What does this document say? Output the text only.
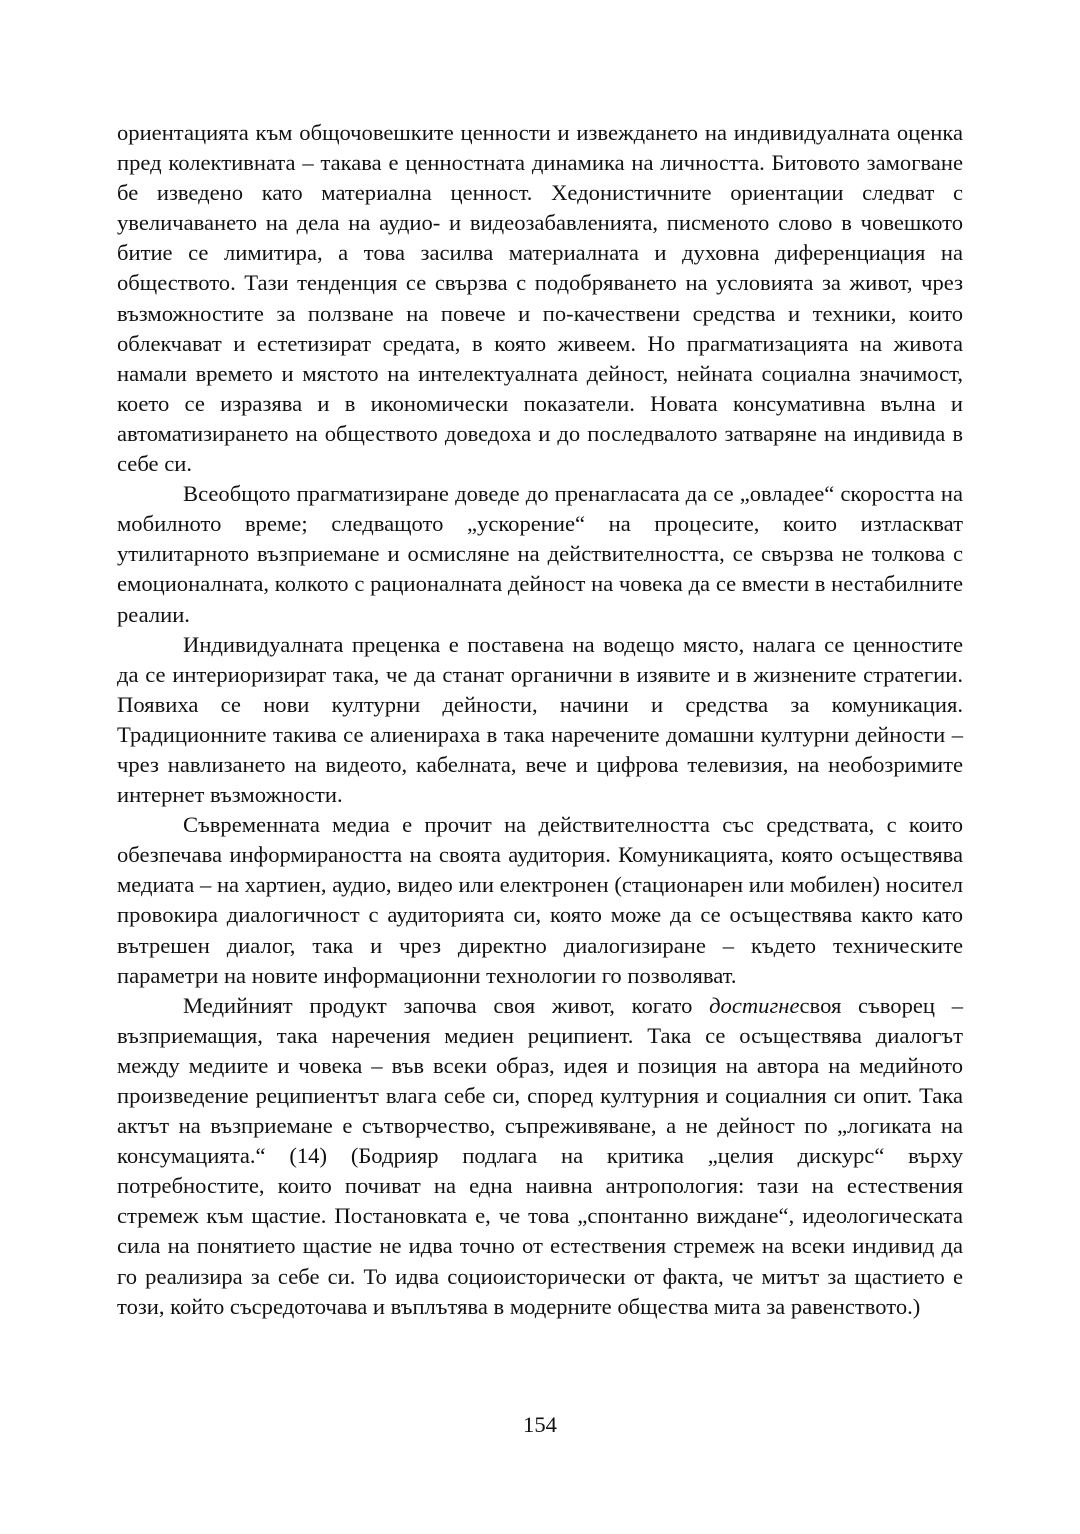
ориентацията към общочовешките ценности и извеждането на индивидуалната оценка пред колективната – такава е ценностната динамика на личността. Битовото замогване бе изведено като материална ценност. Хедонистичните ориентации следват с увеличаването на дела на аудио- и видеозабавленията, писменото слово в човешкото битие се лимитира, а това засилва материалната и духовна диференциация на обществото. Тази тенденция се свързва с подобряването на условията за живот, чрез възможностите за ползване на повече и по-качествени средства и техники, които облекчават и естетизират средата, в която живеем. Но прагматизацията на живота намали времето и мястото на интелектуалната дейност, нейната социална значимост, което се изразява и в икономически показатели. Новата консумативна вълна и автоматизирането на обществото доведоха и до последвалото затваряне на индивида в себе си.

Всеобщото прагматизиране доведе до пренагласата да се „овладее“ скоростта на мобилното време; следващото „ускорение“ на процесите, които изтласкват утилитарното възприемане и осмисляне на действителността, се свързва не толкова с емоционалната, колкото с рационалната дейност на човека да се вмести в нестабилните реалии.

Индивидуалната преценка е поставена на водещо място, налага се ценностите да се интериоризират така, че да станат органични в изявите и в жизнените стратегии. Появиха се нови културни дейности, начини и средства за комуникация. Традиционните такива се алиенираха в така наречените домашни културни дейности – чрез навлизането на видеото, кабелната, вече и цифрова телевизия, на необозримите интернет възможности.

Съвременната медиа е прочит на действителността със средствата, с които обезпечава информираността на своята аудитория. Комуникацията, която осъществява медиата – на хартиен, аудио, видео или електронен (стационарен или мобилен) носител провокира диалогичност с аудиторията си, която може да се осъществява както като вътрешен диалог, така и чрез директно диалогизиране – където техническите параметри на новите информационни технологии го позволяват.

Медийният продукт започва своя живот, когато достигнесвоя съворец – възприемащия, така наречения медиен реципиент. Така се осъществява диалогът между медиите и човека – във всеки образ, идея и позиция на автора на медийното произведение реципиентът влага себе си, според културния и социалния си опит. Така актът на възприемане е сътворчество, съпреживяване, а не дейност по „логиката на консумацията.“ (14) (Бодрияр подлага на критика „целия дискурс“ върху потребностите, които почиват на една наивна антропология: тази на естествения стремеж към щастие. Постановката е, че това „спонтанно виждане“, идеологическата сила на понятието щастие не идва точно от естествения стремеж на всеки индивид да го реализира за себе си. То идва социоисторически от факта, че митът за щастието е този, който съсредоточава и въплътява в модерните общества мита за равенството.)

154
